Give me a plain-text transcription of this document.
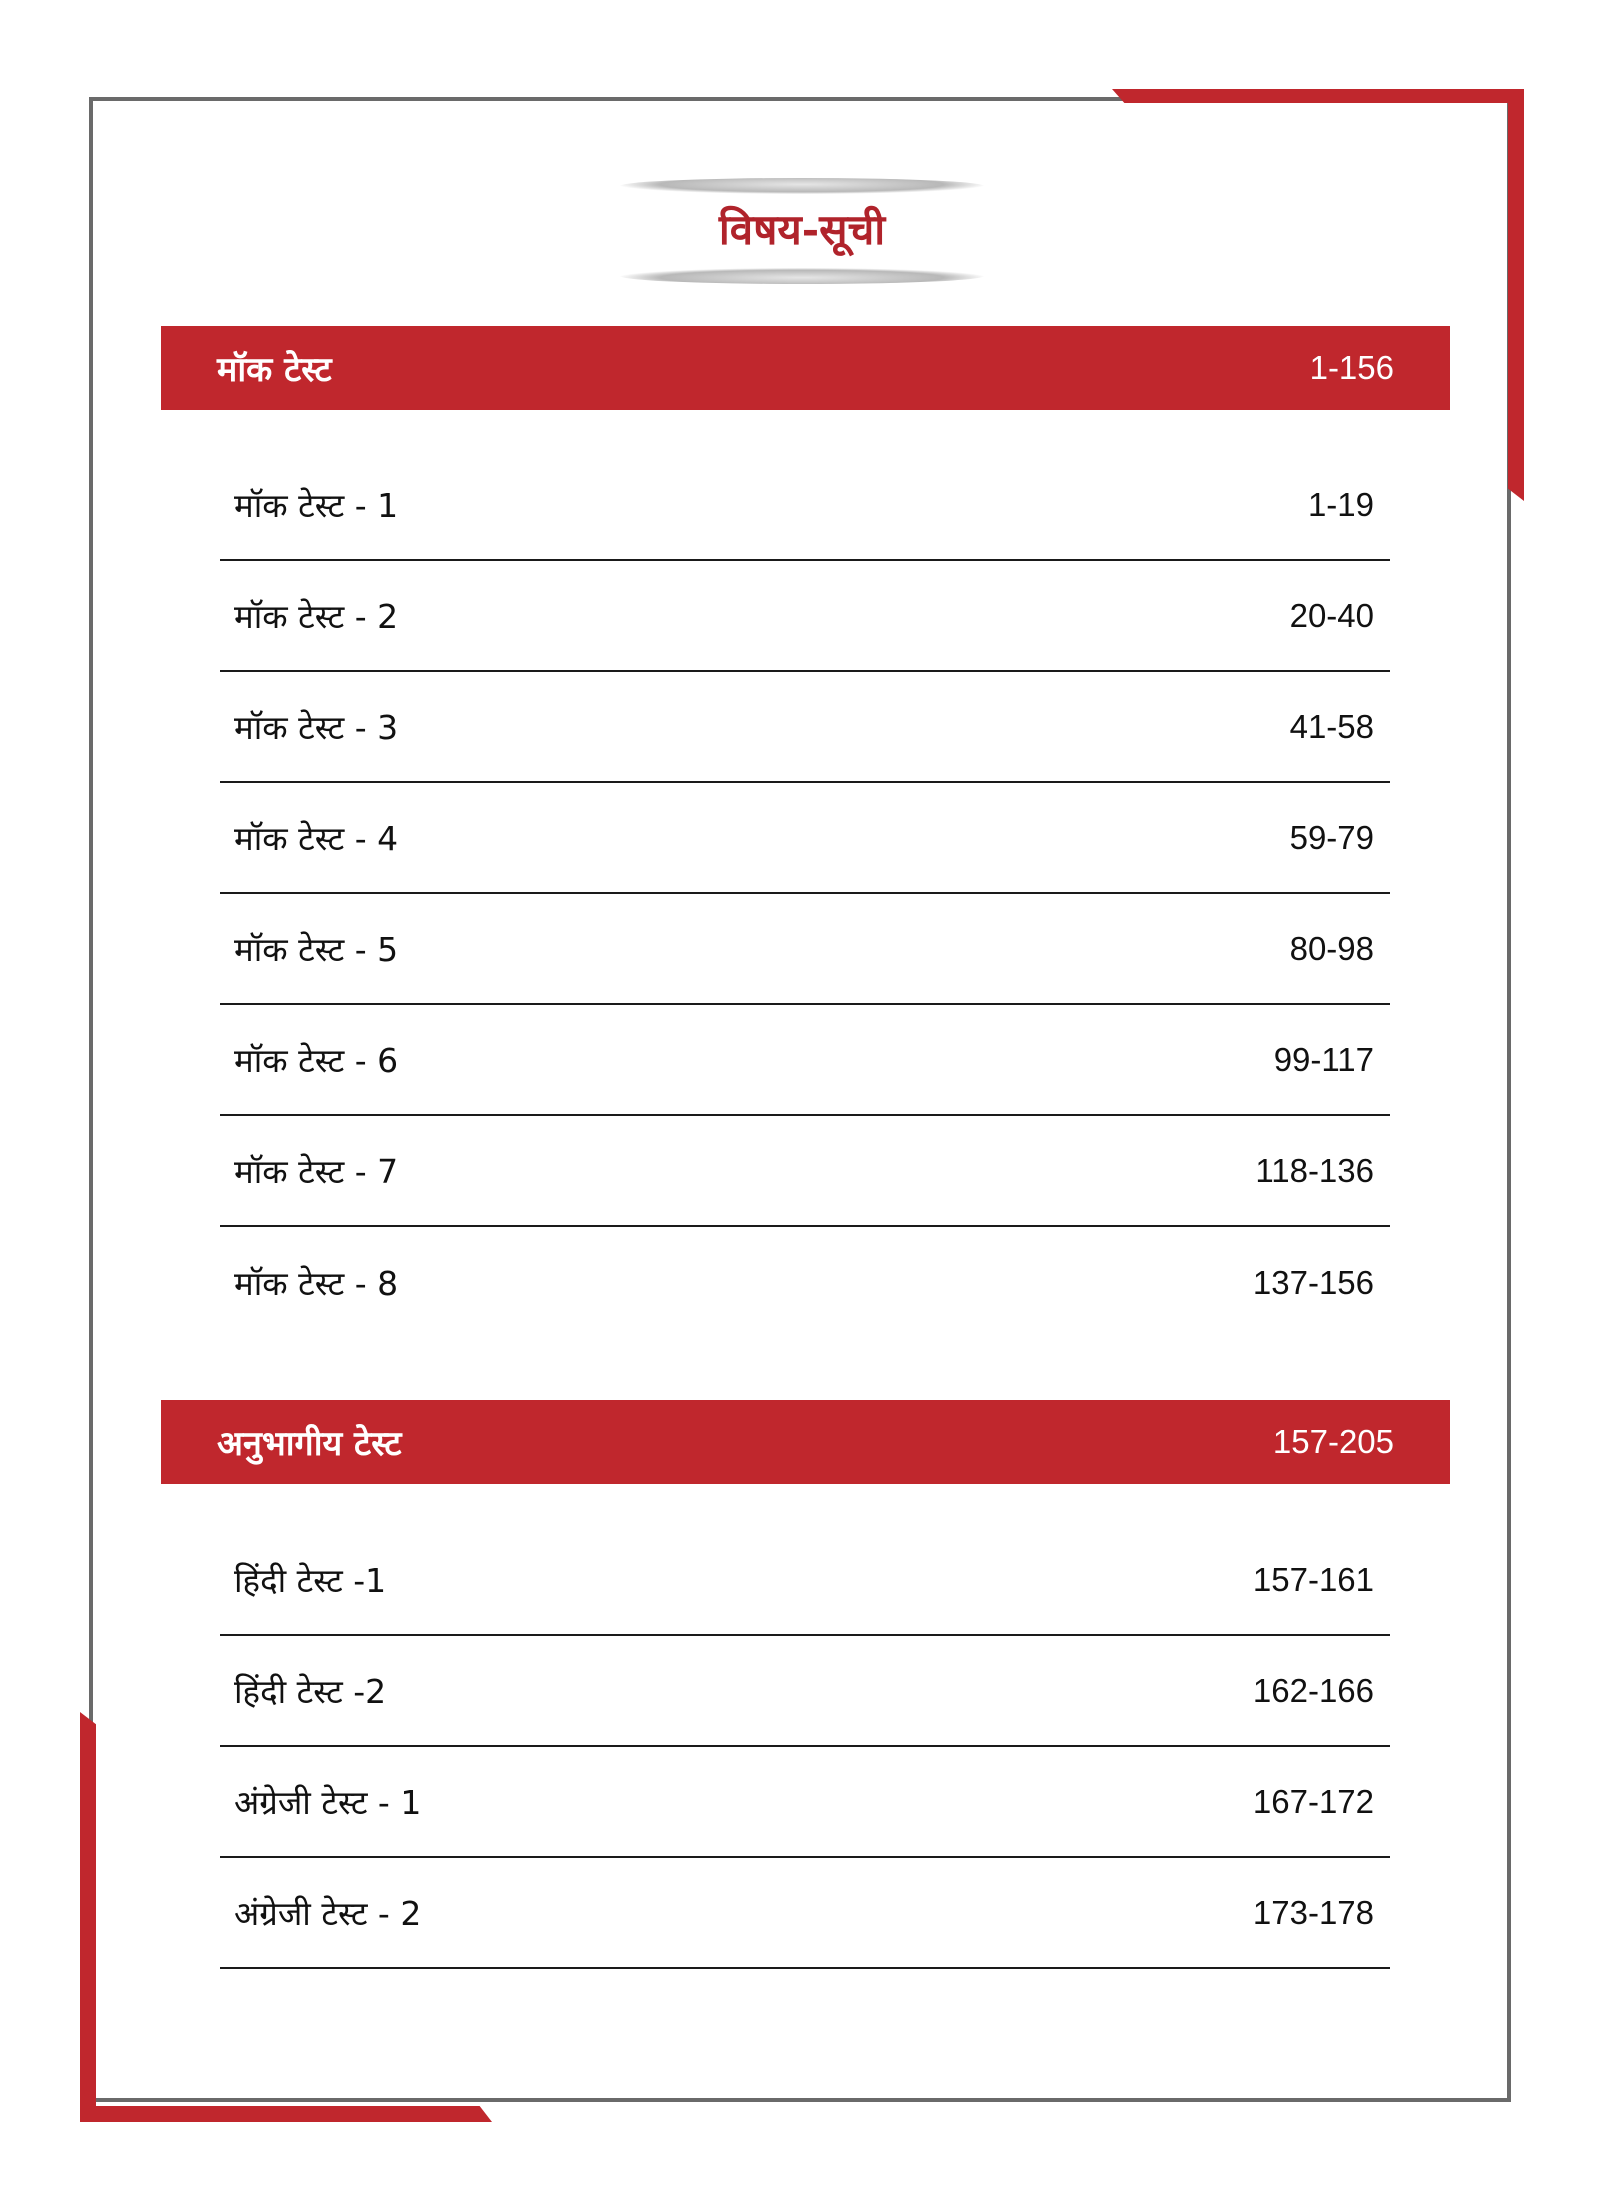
विषय-सूची
मॉक टेस्ट	1-156
मॉक टेस्ट - 1	1-19
मॉक टेस्ट - 2	20-40
मॉक टेस्ट - 3	41-58
मॉक टेस्ट - 4	59-79
मॉक टेस्ट - 5	80-98
मॉक टेस्ट - 6	99-117
मॉक टेस्ट - 7	118-136
मॉक टेस्ट - 8	137-156
अनुभागीय टेस्ट	157-205
हिंदी टेस्ट -1	157-161
हिंदी टेस्ट -2	162-166
अंग्रेजी टेस्ट - 1	167-172
अंग्रेजी टेस्ट - 2	173-178
